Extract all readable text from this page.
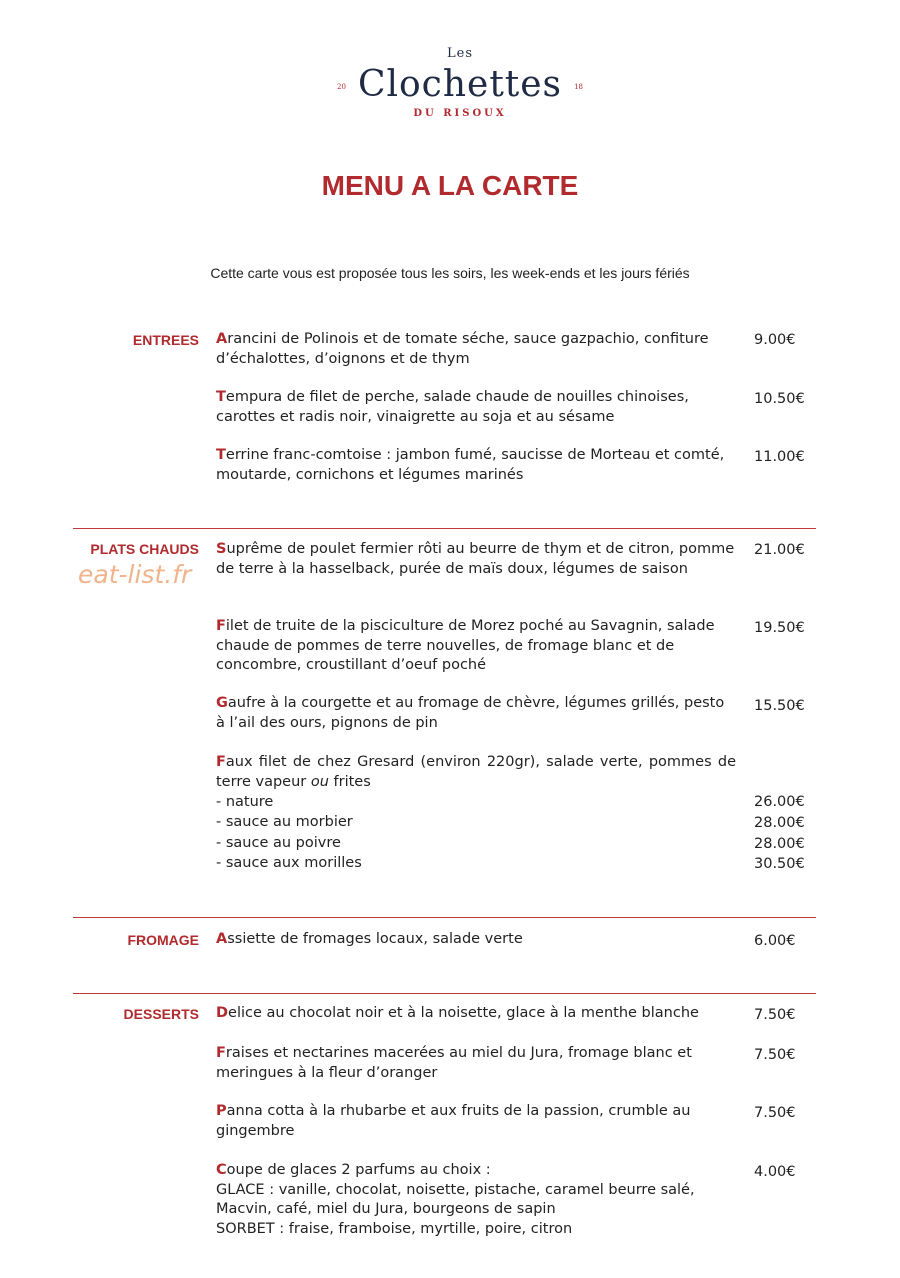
Les
20 Clochettes	18
DU RISOUX
MENU A LA CARTE
Cette carte vous est proposée tous les soirs, les week-ends et les jours fériés
ENTREES Arancini de Polinois et de tomate séche, sauce gazpachio, confiture d’échalottes, d’oignons et de thym
9.00€
Tempura de filet de perche, salade chaude de nouilles chinoises, carottes et radis noir, vinaigrette au soja et au sésame
10.50€
Terrine franc-comtoise : jambon fumé, saucisse de Morteau et comté, moutarde, cornichons et légumes marinés
11.00€
PLATS CHAUDS
eat-list.fr
Suprême de poulet fermier rôti au beurre de thym et de citron, pomme de terre à la hasselback, purée de maïs doux, légumes de saison
21.00€
Filet de truite de la pisciculture de Morez poché au Savagnin, salade chaude de pommes de terre nouvelles, de fromage blanc et de concombre, croustillant d’oeuf poché
19.50€
Gaufre à la courgette et au fromage de chèvre, légumes grillés, pesto à l’ail des ours, pignons de pin
15.50€
Faux filet de chez Gresard (environ 220gr), salade verte, pommes de terre vapeur ou frites
- nature	26.00€
- sauce au morbier	28.00€
- sauce au poivre	28.00€
- sauce aux morilles	30.50€
FROMAGE Assiette de fromages locaux, salade verte	6.00€
DESSERTS Delice au chocolat noir et à la noisette, glace à la menthe blanche	7.50€
Fraises et nectarines macerées au miel du Jura, fromage blanc et meringues à la fleur d’oranger
7.50€
Panna cotta à la rhubarbe et aux fruits de la passion, crumble au gingembre
7.50€
Coupe de glaces 2 parfums au choix :
GLACE : vanille, chocolat, noisette, pistache, caramel beurre salé, Macvin, café, miel du Jura, bourgeons de sapin
SORBET : fraise, framboise, myrtille, poire, citron
4.00€
